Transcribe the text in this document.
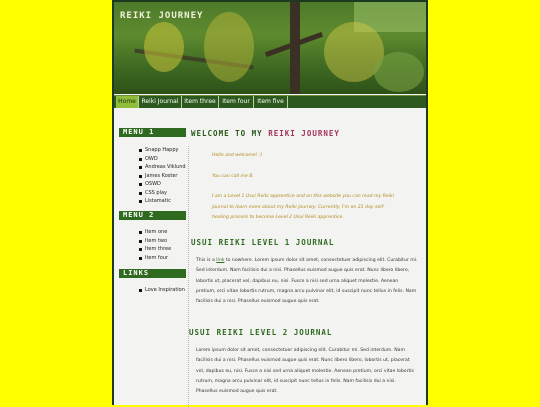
REIKI JOURNEY
Home Reiki Journal Item three	Item four	Item five
MENU 1
Snapp Happy
OWD
Andreas Viklund
James Koster
OSWD
CSS play
Listamatic
MENU 2
Item one
Item two
Item three
Item four
LINKS
Love Inspiration
WELCOME TO MY REIKI JOURNEY
Hello and welcome! :)
You can call me B.
I am a Level 1 Usui Reiki apprentice and on this website you can read my Reiki journal to learn more about my Reiki journey. Currently, I'm on 21 day self-healing process to become Level 2 Usui Reiki apprentice.
USUI REIKI LEVEL 1 JOURNAL
This is a link to nowhere. Lorem ipsum dolor sit amet, consectetuer adipiscing elit. Curabitur mi. Sed interdum. Nam facilisis dui a nisi. Phasellus euismod augue quis erat. Nunc libero libero, lobortis ut, placerat vel, dapibus eu, nisi. Fusce a nisi sed urna aliquet molestie. Aenean pretium, orci vitae lobortis rutrum, magna arcu pulvinar elit, id suscipit nunc tellus in felis. Nam facilisis dui a nisi. Phasellus euismod augue quis erat.
USUI REIKI LEVEL 2 JOURNAL
Lorem ipsum dolor sit amet, consectetuer adipiscing elit. Curabitur mi. Sed interdum. Nam facilisis dui a nisi. Phasellus euismod augue quis erat. Nunc libero libero, lobortis ut, placerat vel, dapibus eu, nisi. Fusce a nisi sed urna aliquet molestie. Aenean pretium, orci vitae lobortis rutrum, magna arcu pulvinar elit, id suscipit nunc tellus in felis. Nam facilisis dui a nisi. Phasellus euismod augue quis erat.
